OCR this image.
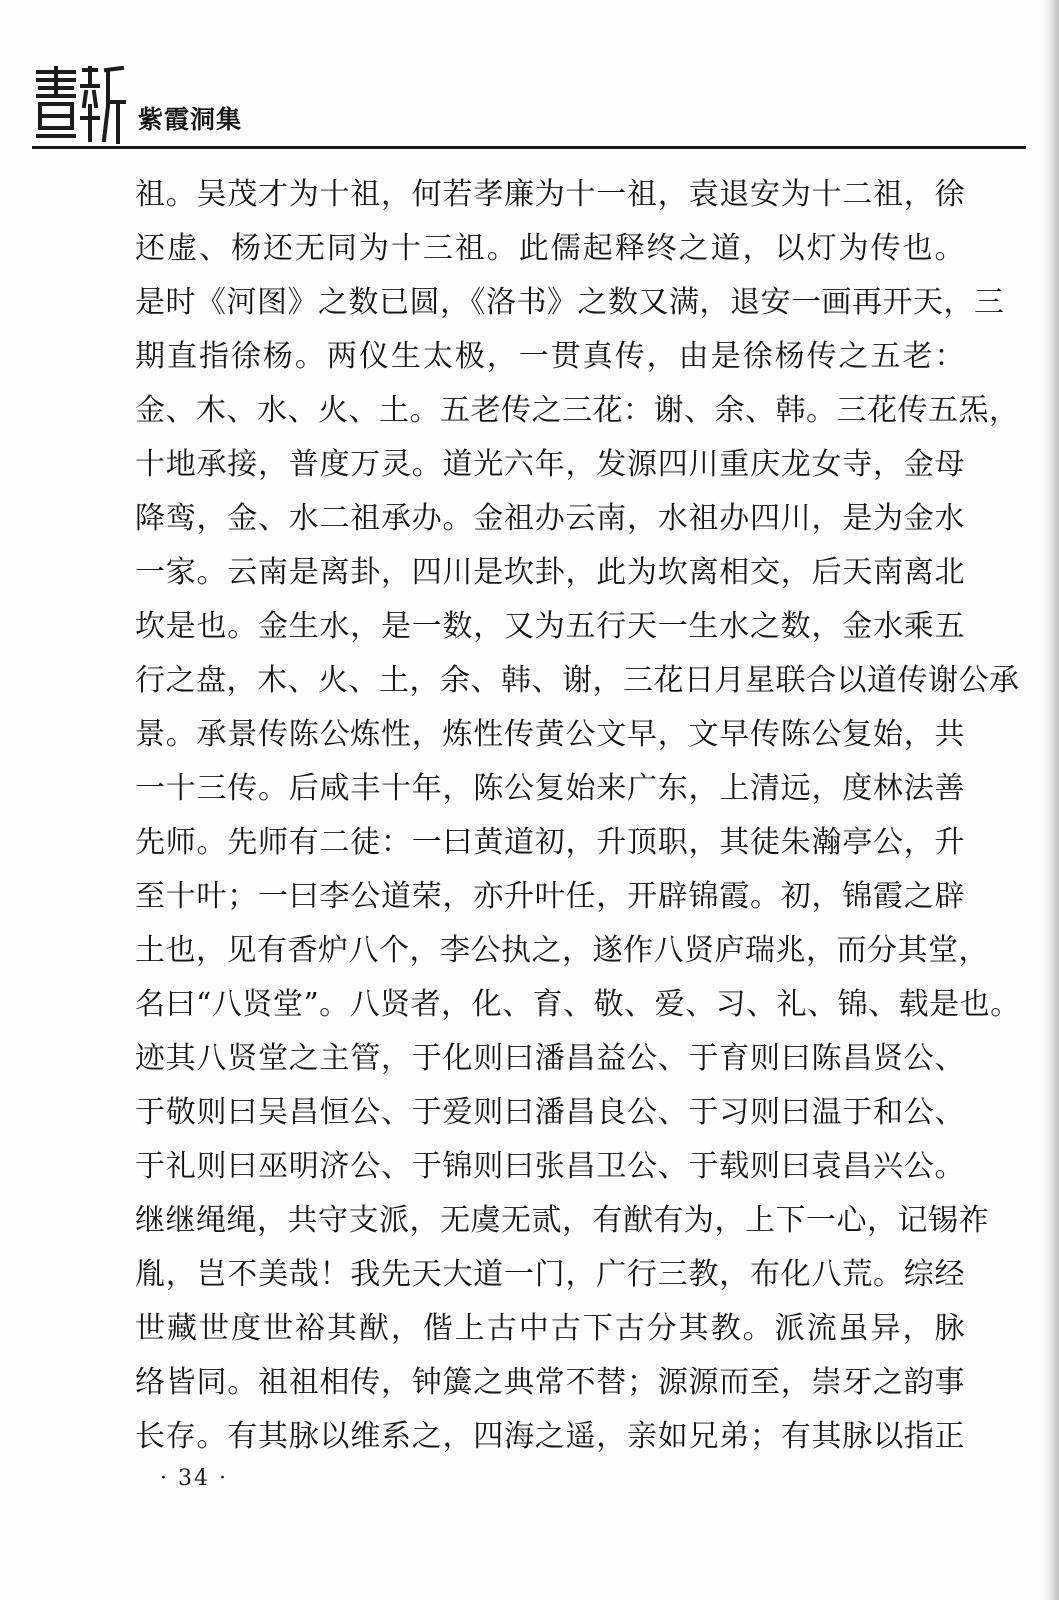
紫霞洞集
祖。吴茂才为十祖，何若孝廉为十一祖，袁退安为十二祖，徐
还虚、杨还无同为十三祖。此儒起释终之道，以灯为传也。
是时《河图》之数已圆，《洛书》之数又满，退安一画再开天，三
期直指徐杨。两仪生太极，一贯真传，由是徐杨传之五老：
金、木、水、火、土。五老传之三花：谢、余、韩。三花传五炁，
十地承接，普度万灵。道光六年，发源四川重庆龙女寺，金母
降鸾，金、水二祖承办。金祖办云南，水祖办四川，是为金水
一家。云南是离卦，四川是坎卦，此为坎离相交，后天南离北
坎是也。金生水，是一数，又为五行天一生水之数，金水乘五
行之盘，木、火、土，余、韩、谢，三花日月星联合以道传谢公承
景。承景传陈公炼性，炼性传黄公文早，文早传陈公复始，共
一十三传。后咸丰十年，陈公复始来广东，上清远，度林法善
先师。先师有二徒：一曰黄道初，升顶职，其徒朱瀚亭公，升
至十叶；一曰李公道荣，亦升叶任，开辟锦霞。初，锦霞之辟
土也，见有香炉八个，李公执之，遂作八贤庐瑞兆，而分其堂，
名曰“八贤堂”。八贤者，化、育、敬、爱、习、礼、锦、载是也。
迹其八贤堂之主管，于化则曰潘昌益公、于育则曰陈昌贤公、
于敬则曰吴昌恒公、于爱则曰潘昌良公、于习则曰温于和公、
于礼则曰巫明济公、于锦则曰张昌卫公、于载则曰袁昌兴公。
继继绳绳，共守支派，无虞无贰，有猷有为，上下一心，记锡祚
胤，岂不美哉！我先天大道一门，广行三教，布化八荒。综经
世藏世度世裕其猷，偕上古中古下古分其教。派流虽异，脉
络皆同。祖祖相传，钟簴之典常不替；源源而至，崇牙之韵事
长存。有其脉以维系之，四海之遥，亲如兄弟；有其脉以指正
· 34 ·
